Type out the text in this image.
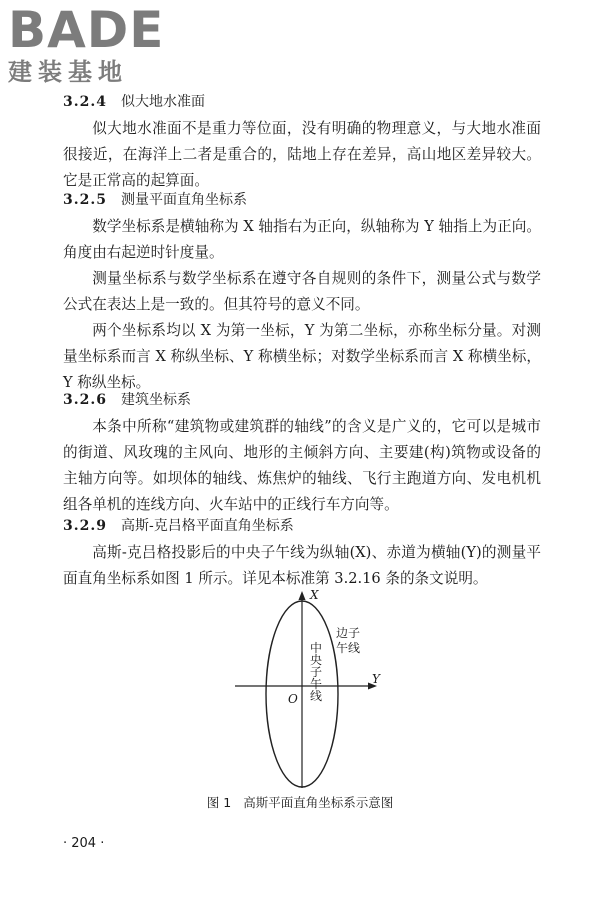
BADE
建装基地
3.2.4 似大地水准面

似大地水准面不是重力等位面，没有明确的物理意义，与大地水准面很接近，在海洋上二者是重合的，陆地上存在差异，高山地区差异较大。它是正常高的起算面。

3.2.5 测量平面直角坐标系

数学坐标系是横轴称为 X 轴指右为正向，纵轴称为 Y 轴指上为正向。角度由右起逆时针度量。

测量坐标系与数学坐标系在遵守各自规则的条件下，测量公式与数学公式在表达上是一致的。但其符号的意义不同。

两个坐标系均以 X 为第一坐标，Y 为第二坐标，亦称坐标分量。对测量坐标系而言 X 称纵坐标、Y 称横坐标；对数学坐标系而言 X 称横坐标，Y 称纵坐标。

3.2.6 建筑坐标系

本条中所称“建筑物或建筑群的轴线”的含义是广义的，它可以是城市的街道、风玫瑰的主风向、地形的主倾斜方向、主要建(构)筑物或设备的主轴方向等。如坝体的轴线、炼焦炉的轴线、飞行主跑道方向、发电机机组各单机的连线方向、火车站中的正线行车方向等。

3.2.9 高斯-克吕格平面直角坐标系

高斯-克吕格投影后的中央子午线为纵轴(X)、赤道为横轴(Y)的测量平面直角坐标系如图 1 所示。详见本标准第 3.2.16 条的条文说明。

X
Y
O
边子午线
中央子午线
图 1 高斯平面直角坐标系示意图
· 204 ·
